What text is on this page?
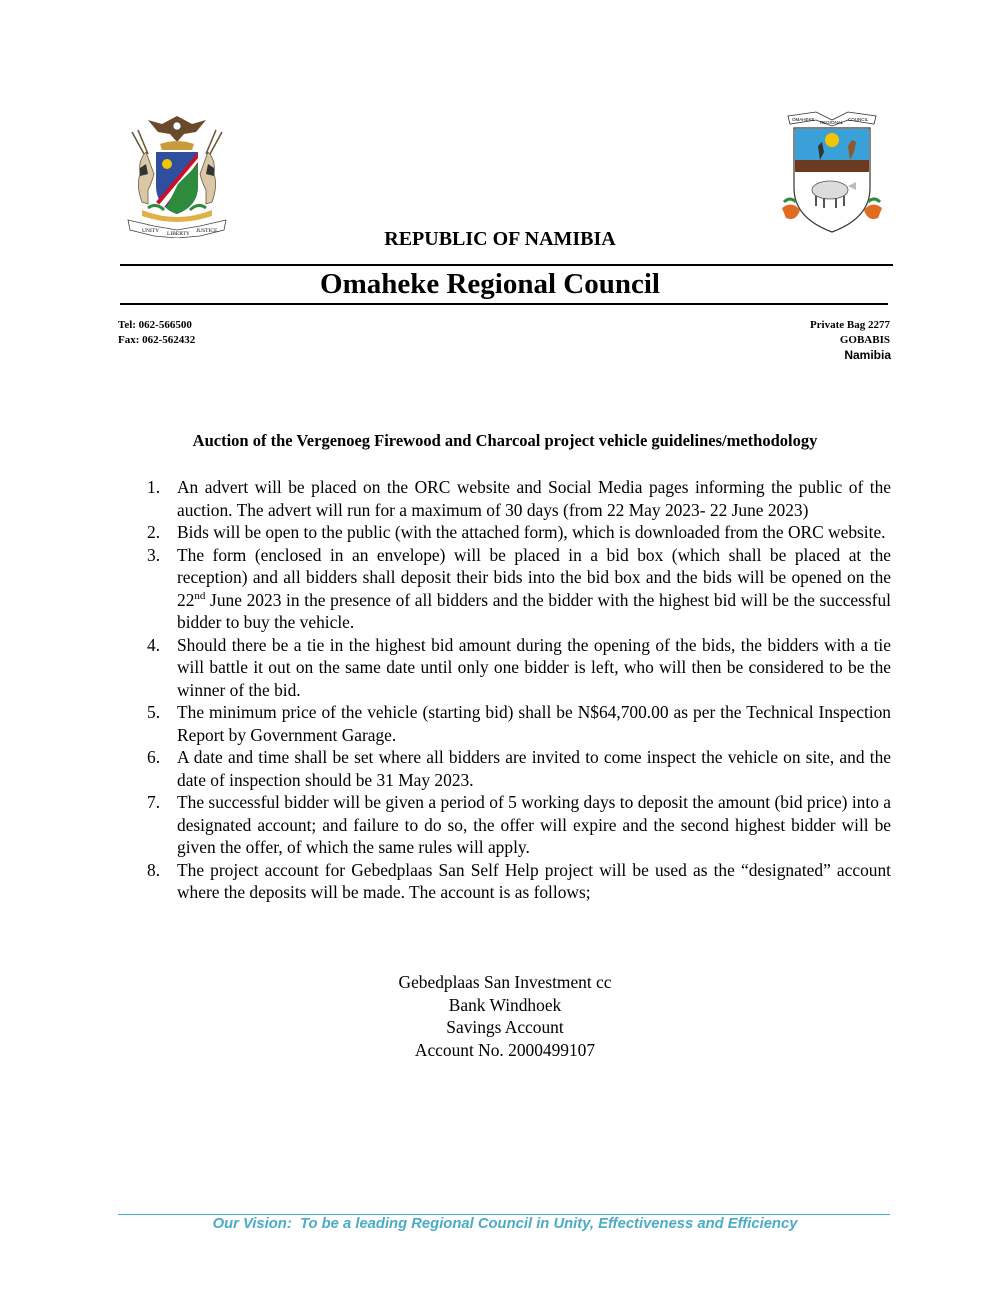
UNITY LIBERTY JUSTICE
OMAHEKE
REGIONAL
COUNCIL
REPUBLIC OF NAMIBIA
Omaheke Regional Council
Tel: 062-566500
Fax: 062-562432
Private Bag 2277
GOBABIS
Namibia
Auction of the Vergenoeg Firewood and Charcoal project vehicle guidelines/methodology
1. An advert will be placed on the ORC website and Social Media pages informing the public of the auction. The advert will run for a maximum of 30 days (from 22 May 2023- 22 June 2023)
2. Bids will be open to the public (with the attached form), which is downloaded from the ORC website.
3. The form (enclosed in an envelope) will be placed in a bid box (which shall be placed at the reception) and all bidders shall deposit their bids into the bid box and the bids will be opened on the 22nd June 2023 in the presence of all bidders and the bidder with the highest bid will be the successful bidder to buy the vehicle.
4. Should there be a tie in the highest bid amount during the opening of the bids, the bidders with a tie will battle it out on the same date until only one bidder is left, who will then be considered to be the winner of the bid.
5. The minimum price of the vehicle (starting bid) shall be N$64,700.00 as per the Technical Inspection Report by Government Garage.
6. A date and time shall be set where all bidders are invited to come inspect the vehicle on site, and the date of inspection should be 31 May 2023.
7. The successful bidder will be given a period of 5 working days to deposit the amount (bid price) into a designated account; and failure to do so, the offer will expire and the second highest bidder will be given the offer, of which the same rules will apply.
8. The project account for Gebedplaas San Self Help project will be used as the “designated” account where the deposits will be made. The account is as follows;
Gebedplaas San Investment cc
Bank Windhoek
Savings Account
Account No. 2000499107
Our Vision:  To be a leading Regional Council in Unity, Effectiveness and Efficiency
